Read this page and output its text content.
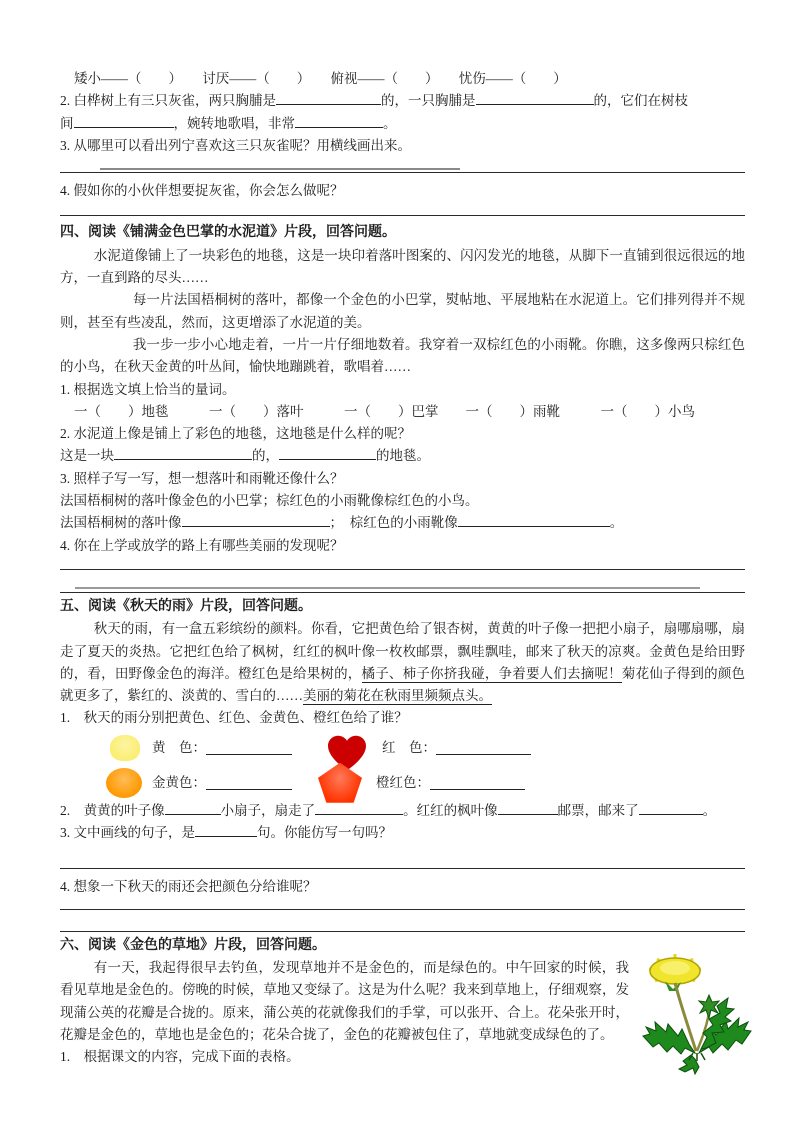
矮小——（　　）　　讨厌——（　　）　　俯视——（　　）　　忧伤——（　　）

2. 白桦树上有三只灰雀，两只胸脯是	的，一只胸脯是	的，它们在树枝

间	，婉转地歌唱，非常	。

3. 从哪里可以看出列宁喜欢这三只灰雀呢？用横线画出来。

4. 假如你的小伙伴想要捉灰雀，你会怎么做呢？

四、阅读《铺满金色巴掌的水泥道》片段，回答问题。

水泥道像铺上了一块彩色的地毯，这是一块印着落叶图案的、闪闪发光的地毯，从脚下一直铺到很远很远的地方，一直到路的尽头……

每一片法国梧桐树的落叶，都像一个金色的小巴掌，熨帖地、平展地粘在水泥道上。它们排列得并不规则，甚至有些凌乱，然而，这更增添了水泥道的美。

我一步一步小心地走着，一片一片仔细地数着。我穿着一双棕红色的小雨靴。你瞧，这多像两只棕红色的小鸟，在秋天金黄的叶丛间，愉快地蹦跳着，歌唱着……

1. 根据选文填上恰当的量词。

一（　　）地毯　　　一（　　）落叶　　　一（　　）巴掌　　一（　　）雨靴　　　一（　　）小鸟

2. 水泥道上像是铺上了彩色的地毯，这地毯是什么样的呢？

这是一块	的，	的地毯。

3. 照样子写一写，想一想落叶和雨靴还像什么？

法国梧桐树的落叶像金色的小巴掌；棕红色的小雨靴像棕红色的小鸟。

法国梧桐树的落叶像	；　棕红色的小雨靴像	。

4. 你在上学或放学的路上有哪些美丽的发现呢？

五、阅读《秋天的雨》片段，回答问题。

秋天的雨，有一盒五彩缤纷的颜料。你看，它把黄色给了银杏树，黄黄的叶子像一把把小扇子，扇哪扇哪，扇走了夏天的炎热。它把红色给了枫树，红红的枫叶像一枚枚邮票，飘哇飘哇，邮来了秋天的凉爽。金黄色是给田野的，看，田野像金色的海洋。橙红色是给果树的，橘子、柿子你挤我碰，争着要人们去摘呢！菊花仙子得到的颜色就更多了，紫红的、淡黄的、雪白的……美丽的菊花在秋雨里频频点头。

1.　秋天的雨分别把黄色、红色、金黄色、橙红色给了谁？

黄　色：	红　色：
金黄色：	橙红色：

2.　黄黄的叶子像	小扇子，扇走了	。红红的枫叶像	邮票，邮来了	。

3. 文中画线的句子，是	句。你能仿写一句吗？

4. 想象一下秋天的雨还会把颜色分给谁呢？

六、阅读《金色的草地》片段，回答问题。

有一天，我起得很早去钓鱼，发现草地并不是金色的，而是绿色的。中午回家的时候，我看见草地是金色的。傍晚的时候，草地又变绿了。这是为什么呢？我来到草地上，仔细观察，发现蒲公英的花瓣是合拢的。原来，蒲公英的花就像我们的手掌，可以张开、合上。花朵张开时，花瓣是金色的，草地也是金色的；花朵合拢了，金色的花瓣被包住了，草地就变成绿色的了。

1.　根据课文的内容，完成下面的表格。
